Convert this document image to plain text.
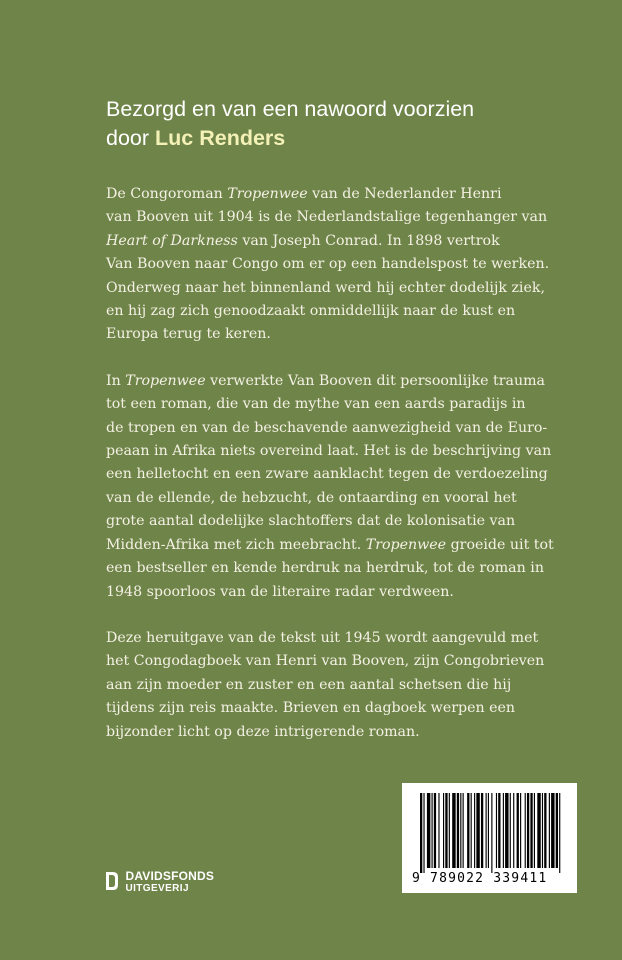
Bezorgd en van een nawoord voorzien
door Luc Renders

De Congoroman Tropenwee van de Nederlander Henri
van Booven uit 1904 is de Nederlandstalige tegenhanger van
Heart of Darkness van Joseph Conrad. In 1898 vertrok
Van Booven naar Congo om er op een handelspost te werken.
Onderweg naar het binnenland werd hij echter dodelijk ziek,
en hij zag zich genoodzaakt onmiddellijk naar de kust en
Europa terug te keren.

In Tropenwee verwerkte Van Booven dit persoonlijke trauma
tot een roman, die van de mythe van een aards paradijs in
de tropen en van de beschavende aanwezigheid van de Euro-
peaan in Afrika niets overeind laat. Het is de beschrijving van
een helletocht en een zware aanklacht tegen de verdoezeling
van de ellende, de hebzucht, de ontaarding en vooral het
grote aantal dodelijke slachtoffers dat de kolonisatie van
Midden-Afrika met zich meebracht. Tropenwee groeide uit tot
een bestseller en kende herdruk na herdruk, tot de roman in
1948 spoorloos van de literaire radar verdween.

Deze heruitgave van de tekst uit 1945 wordt aangevuld met
het Congodagboek van Henri van Booven, zijn Congobrieven
aan zijn moeder en zuster en een aantal schetsen die hij
tijdens zijn reis maakte. Brieven en dagboek werpen een
bijzonder licht op deze intrigerende roman.

DAVIDSFONDS
UITGEVERIJ
9 789022 339411
